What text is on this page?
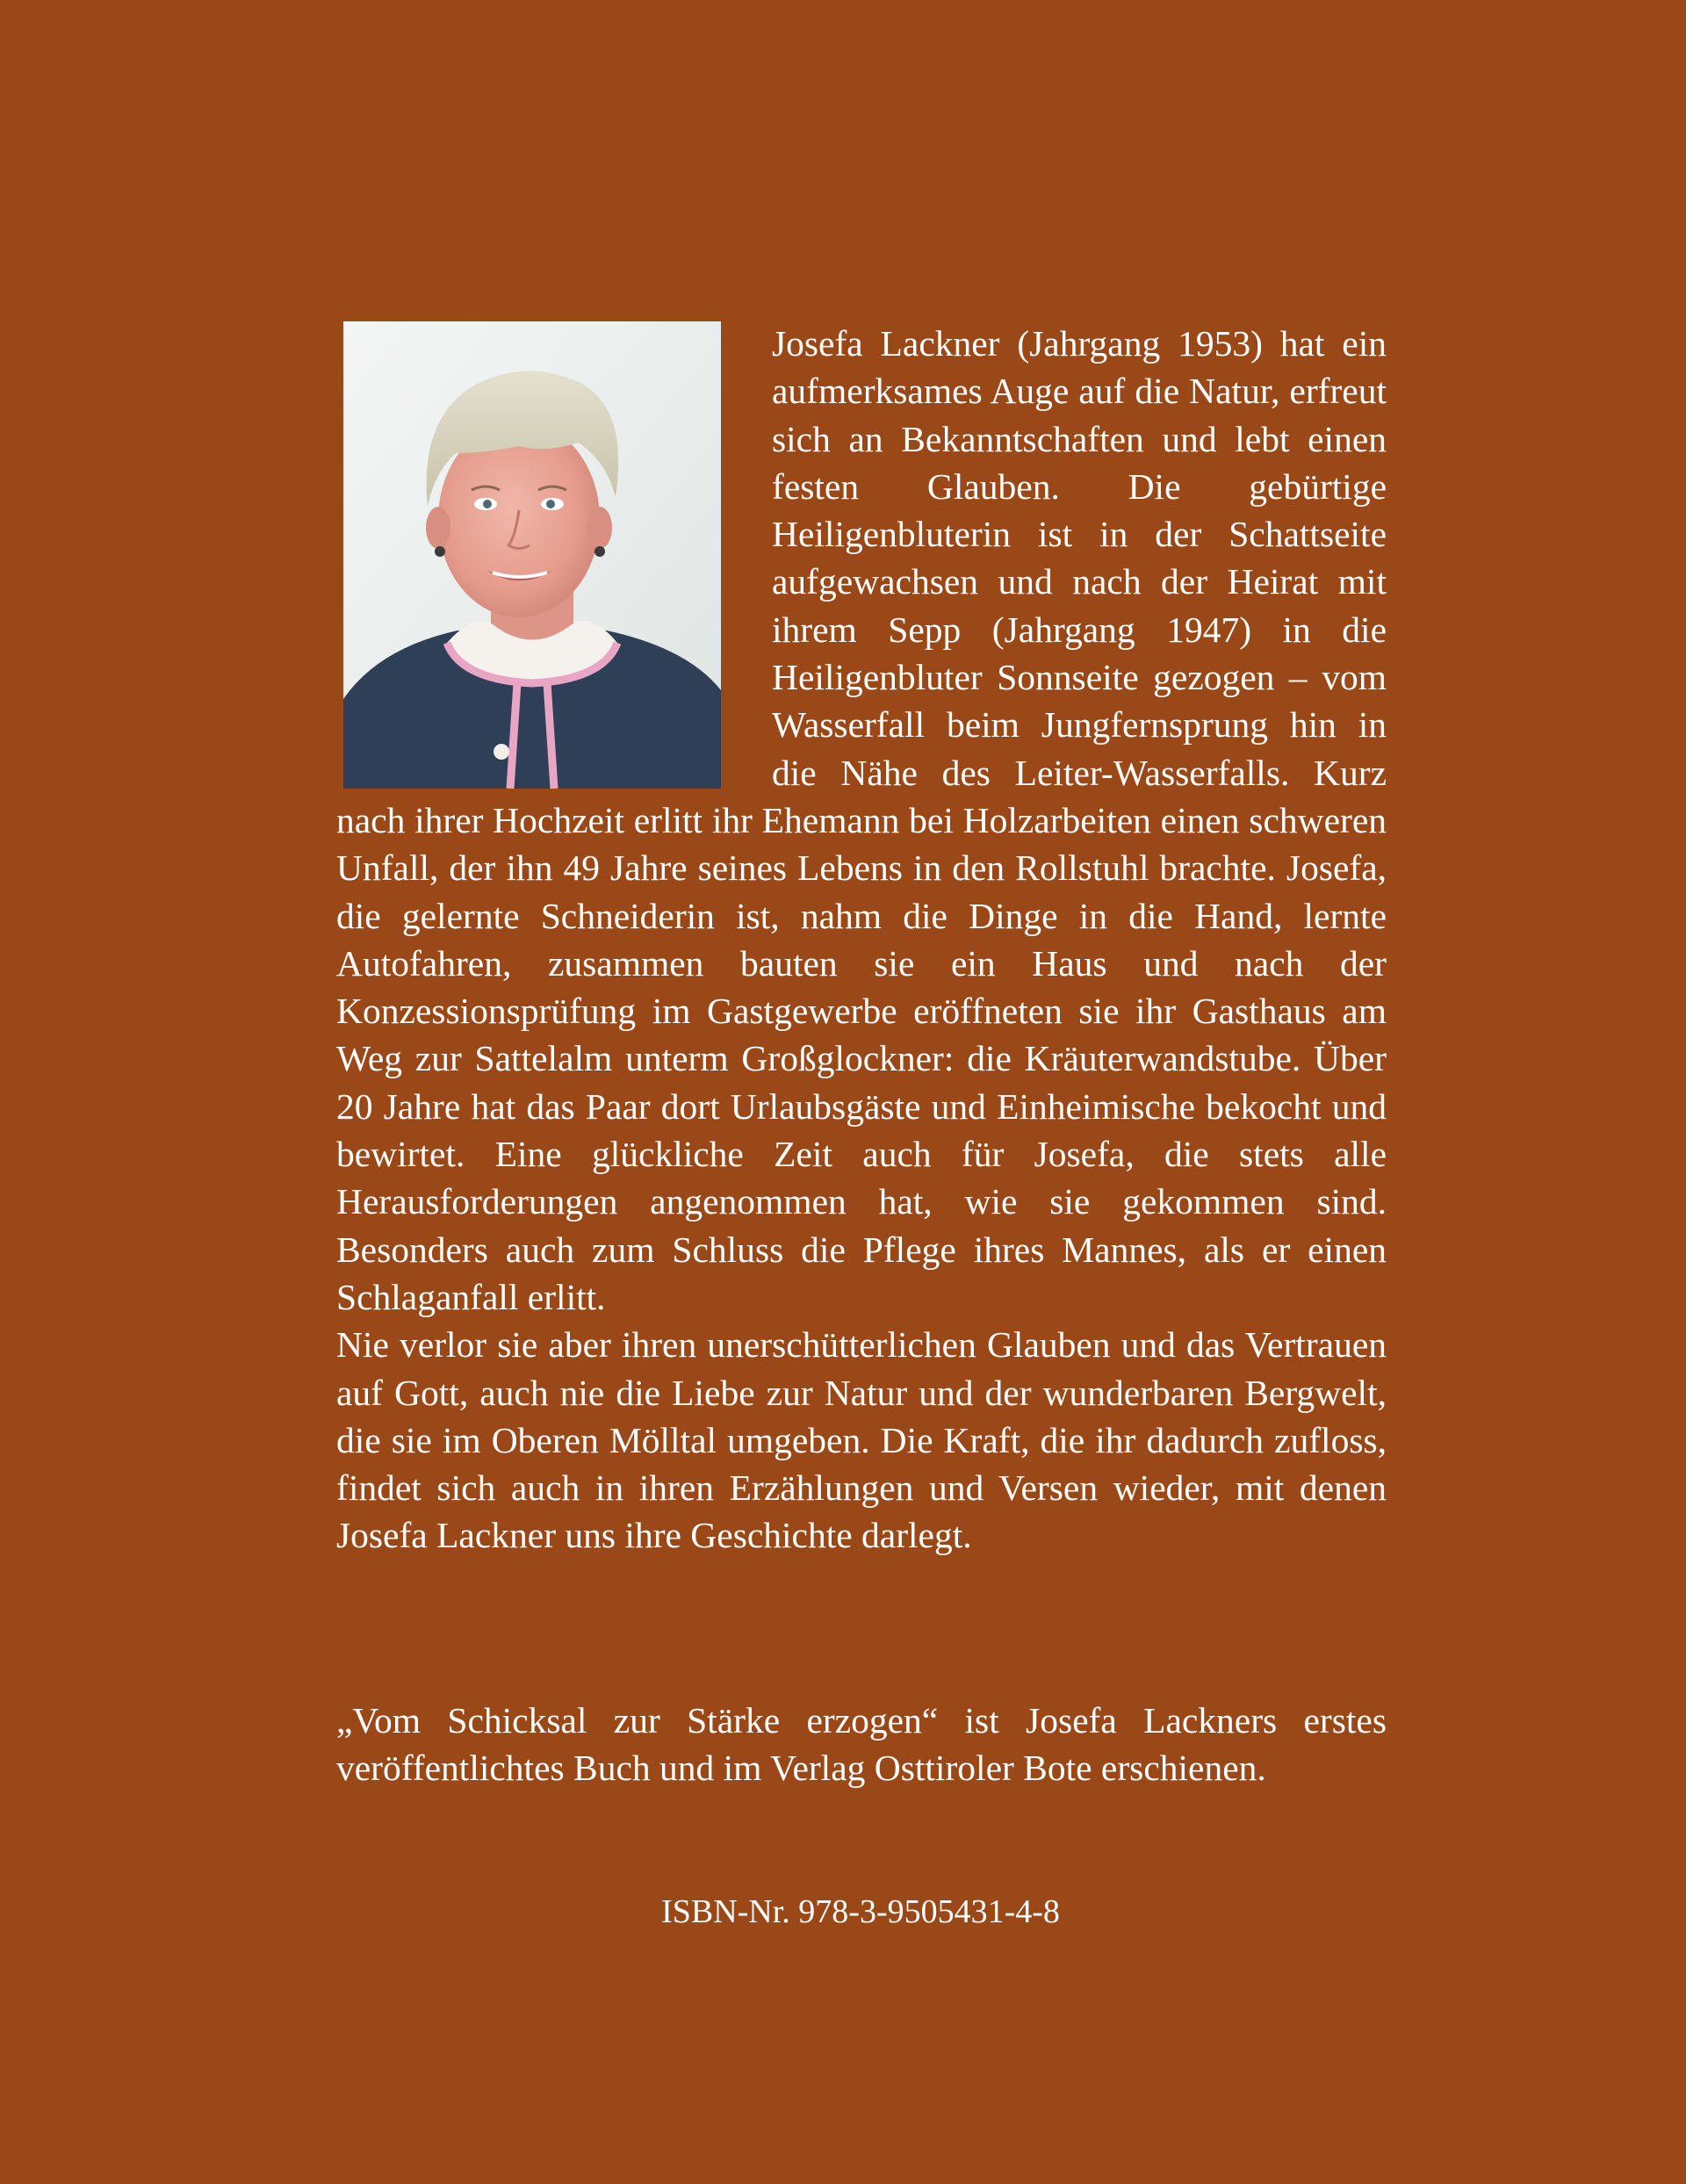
Josefa Lackner (Jahrgang 1953) hat ein aufmerksames Auge auf die Natur, erfreut sich an Bekanntschaften und lebt einen festen Glauben. Die gebürtige Heiligenbluterin ist in der Schattseite aufgewachsen und nach der Heirat mit ihrem Sepp (Jahrgang 1947) in die Heiligenbluter Sonnseite gezogen – vom Wasserfall beim Jungfernsprung hin in die Nähe des Leiter-Wasserfalls. Kurz nach ihrer Hochzeit erlitt ihr Ehemann bei Holzarbeiten einen schweren Unfall, der ihn 49 Jahre seines Lebens in den Rollstuhl brachte. Josefa, die gelernte Schneiderin ist, nahm die Dinge in die Hand, lernte Autofahren, zusammen bauten sie ein Haus und nach der Konzessionsprüfung im Gastgewerbe eröffneten sie ihr Gasthaus am Weg zur Sattelalm unterm Großglockner: die Kräuterwandstube. Über 20 Jahre hat das Paar dort Urlaubsgäste und Einheimische bekocht und bewirtet. Eine glückliche Zeit auch für Josefa, die stets alle Herausforderungen angenommen hat, wie sie gekommen sind. Besonders auch zum Schluss die Pflege ihres Mannes, als er einen Schlaganfall erlitt.

Nie verlor sie aber ihren unerschütterlichen Glauben und das Vertrauen auf Gott, auch nie die Liebe zur Natur und der wunderbaren Bergwelt, die sie im Oberen Mölltal umgeben. Die Kraft, die ihr dadurch zufloss, findet sich auch in ihren Erzählungen und Versen wieder, mit denen Josefa Lackner uns ihre Geschichte darlegt.

„Vom Schicksal zur Stärke erzogen“ ist Josefa Lackners erstes veröffentlichtes Buch und im Verlag Osttiroler Bote erschienen.

ISBN-Nr. 978-3-9505431-4-8
